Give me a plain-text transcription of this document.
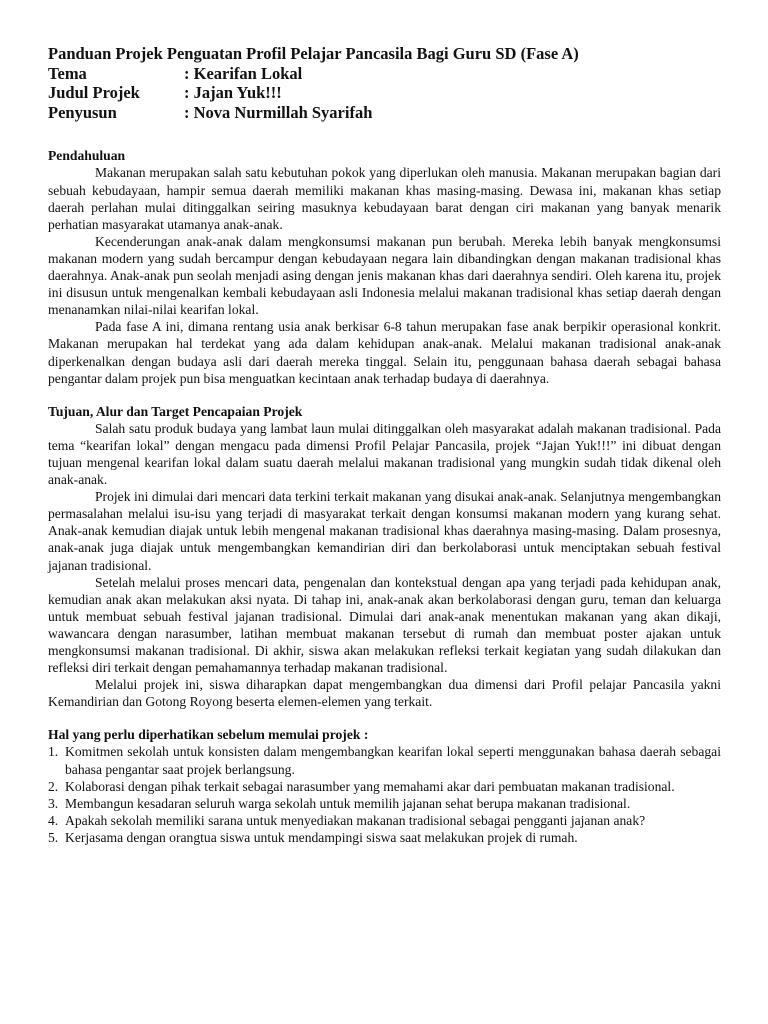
Panduan Projek Penguatan Profil Pelajar Pancasila Bagi Guru SD (Fase A)
Tema	: Kearifan Lokal
Judul Projek	: Jajan Yuk!!!
Penyusun	: Nova Nurmillah Syarifah
Pendahuluan

Makanan merupakan salah satu kebutuhan pokok yang diperlukan oleh manusia. Makanan merupakan bagian dari sebuah kebudayaan, hampir semua daerah memiliki makanan khas masing-masing. Dewasa ini, makanan khas setiap daerah perlahan mulai ditinggalkan seiring masuknya kebudayaan barat dengan ciri makanan yang banyak menarik perhatian masyarakat utamanya anak-anak.

Kecenderungan anak-anak dalam mengkonsumsi makanan pun berubah. Mereka lebih banyak mengkonsumsi makanan modern yang sudah bercampur dengan kebudayaan negara lain dibandingkan dengan makanan tradisional khas daerahnya. Anak-anak pun seolah menjadi asing dengan jenis makanan khas dari daerahnya sendiri. Oleh karena itu, projek ini disusun untuk mengenalkan kembali kebudayaan asli Indonesia melalui makanan tradisional khas setiap daerah dengan menanamkan nilai-nilai kearifan lokal.

Pada fase A ini, dimana rentang usia anak berkisar 6-8 tahun merupakan fase anak berpikir operasional konkrit. Makanan merupakan hal terdekat yang ada dalam kehidupan anak-anak. Melalui makanan tradisional anak-anak diperkenalkan dengan budaya asli dari daerah mereka tinggal. Selain itu, penggunaan bahasa daerah sebagai bahasa pengantar dalam projek pun bisa menguatkan kecintaan anak terhadap budaya di daerahnya.

Tujuan, Alur dan Target Pencapaian Projek

Salah satu produk budaya yang lambat laun mulai ditinggalkan oleh masyarakat adalah makanan tradisional. Pada tema “kearifan lokal” dengan mengacu pada dimensi Profil Pelajar Pancasila, projek “Jajan Yuk!!!” ini dibuat dengan tujuan mengenal kearifan lokal dalam suatu daerah melalui makanan tradisional yang mungkin sudah tidak dikenal oleh anak-anak.

Projek ini dimulai dari mencari data terkini terkait makanan yang disukai anak-anak. Selanjutnya mengembangkan permasalahan melalui isu-isu yang terjadi di masyarakat terkait dengan konsumsi makanan modern yang kurang sehat. Anak-anak kemudian diajak untuk lebih mengenal makanan tradisional khas daerahnya masing-masing. Dalam prosesnya, anak-anak juga diajak untuk mengembangkan kemandirian diri dan berkolaborasi untuk menciptakan sebuah festival jajanan tradisional.

Setelah melalui proses mencari data, pengenalan dan kontekstual dengan apa yang terjadi pada kehidupan anak, kemudian anak akan melakukan aksi nyata. Di tahap ini, anak-anak akan berkolaborasi dengan guru, teman dan keluarga untuk membuat sebuah festival jajanan tradisional. Dimulai dari anak-anak menentukan makanan yang akan dikaji, wawancara dengan narasumber, latihan membuat makanan tersebut di rumah dan membuat poster ajakan untuk mengkonsumsi makanan tradisional. Di akhir, siswa akan melakukan refleksi terkait kegiatan yang sudah dilakukan dan refleksi diri terkait dengan pemahamannya terhadap makanan tradisional.

Melalui projek ini, siswa diharapkan dapat mengembangkan dua dimensi dari Profil pelajar Pancasila yakni Kemandirian dan Gotong Royong beserta elemen-elemen yang terkait.

Hal yang perlu diperhatikan sebelum memulai projek :
1. Komitmen sekolah untuk konsisten dalam mengembangkan kearifan lokal seperti menggunakan bahasa daerah sebagai bahasa pengantar saat projek berlangsung.
2. Kolaborasi dengan pihak terkait sebagai narasumber yang memahami akar dari pembuatan makanan tradisional.
3. Membangun kesadaran seluruh warga sekolah untuk memilih jajanan sehat berupa makanan tradisional.
4. Apakah sekolah memiliki sarana untuk menyediakan makanan tradisional sebagai pengganti jajanan anak?
5. Kerjasama dengan orangtua siswa untuk mendampingi siswa saat melakukan projek di rumah.
